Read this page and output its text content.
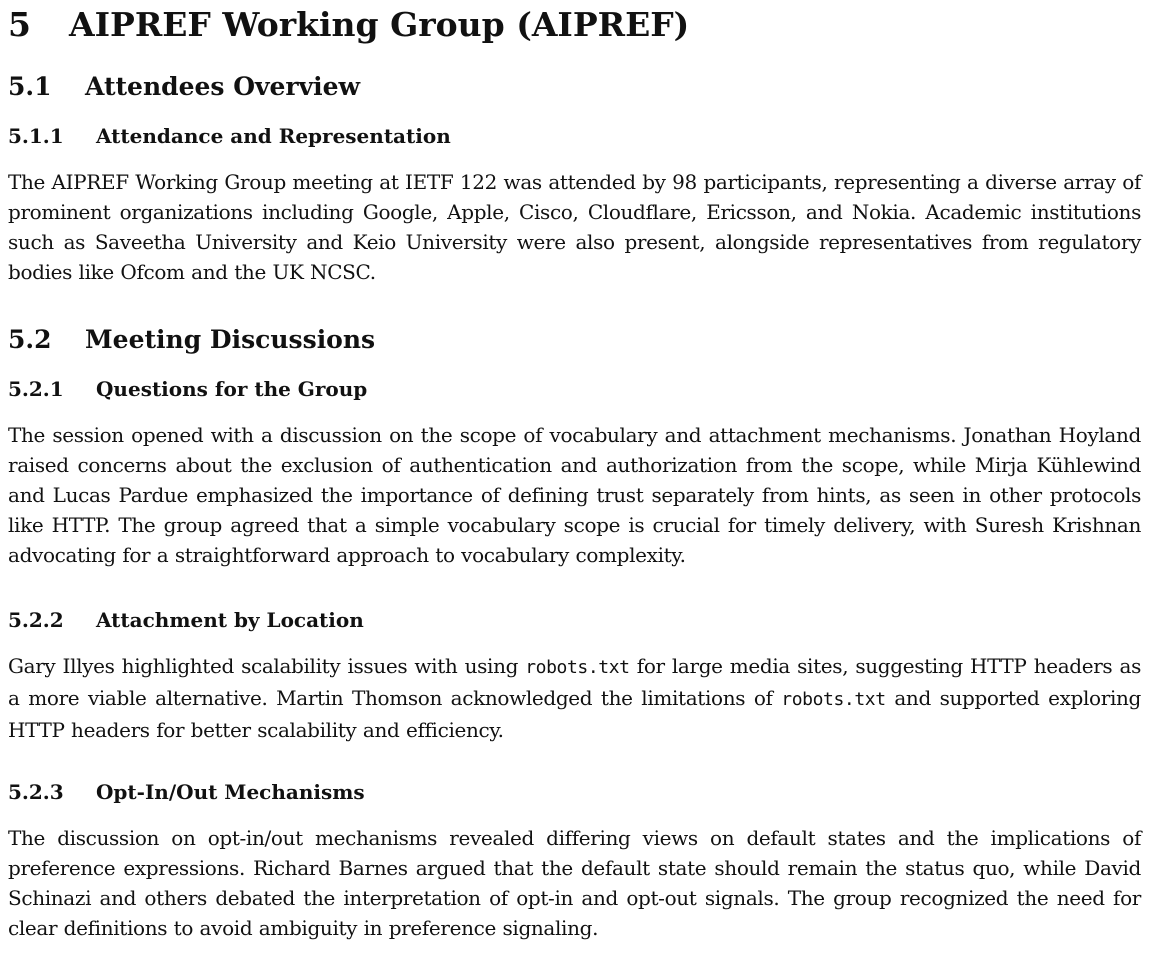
5 AIPREF Working Group (AIPREF)
5.1 Attendees Overview
5.1.1 Attendance and Representation

The AIPREF Working Group meeting at IETF 122 was attended by 98 participants, representing a diverse array of prominent organizations including Google, Apple, Cisco, Cloudflare, Ericsson, and Nokia. Academic institutions such as Saveetha University and Keio University were also present, alongside representatives from regulatory bodies like Ofcom and the UK NCSC.

5.2 Meeting Discussions
5.2.1 Questions for the Group

The session opened with a discussion on the scope of vocabulary and attachment mechanisms. Jonathan Hoyland raised concerns about the exclusion of authentication and authorization from the scope, while Mirja Kühlewind and Lucas Pardue emphasized the importance of defining trust separately from hints, as seen in other protocols like HTTP. The group agreed that a simple vocabulary scope is crucial for timely delivery, with Suresh Krishnan advocating for a straightforward approach to vocabulary complexity.

5.2.2 Attachment by Location

Gary Illyes highlighted scalability issues with using robots.txt for large media sites, suggesting HTTP headers as a more viable alternative. Martin Thomson acknowledged the limitations of robots.txt and supported exploring HTTP headers for better scalability and efficiency.

5.2.3 Opt-In/Out Mechanisms

The discussion on opt-in/out mechanisms revealed differing views on default states and the implications of preference expressions. Richard Barnes argued that the default state should remain the status quo, while David Schinazi and others debated the interpretation of opt-in and opt-out signals. The group recognized the need for clear definitions to avoid ambiguity in preference signaling.
